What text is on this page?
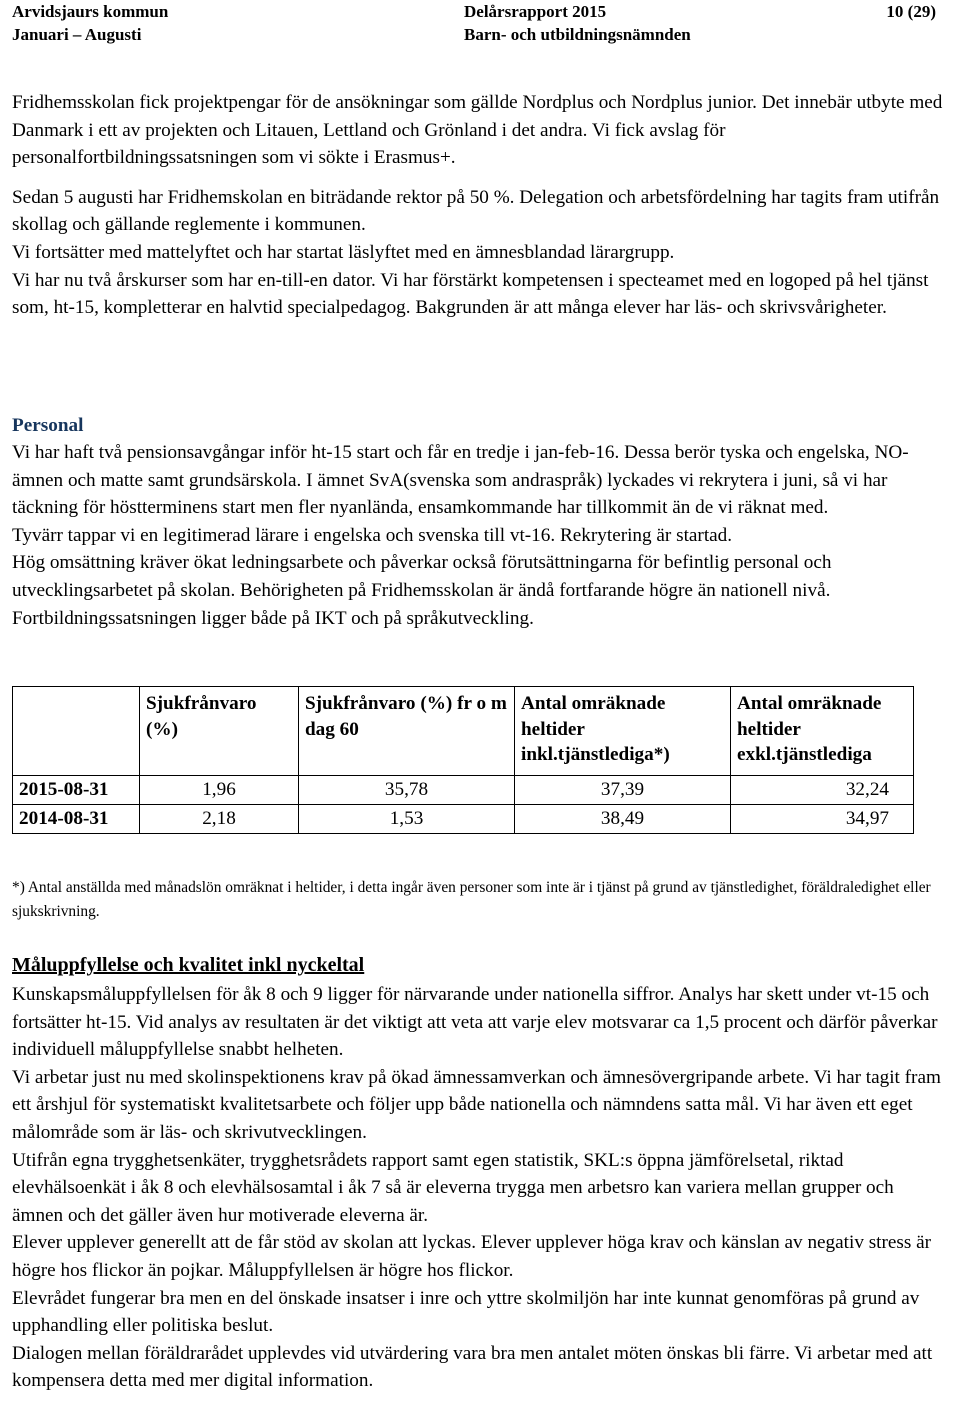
Arvidsjaurs kommun
Januari – Augusti
Delårsrapport 2015
Barn- och utbildningsnämnden
10 (29)

Fridhemsskolan fick projektpengar för de ansökningar som gällde Nordplus och Nordplus junior. Det innebär utbyte med Danmark i ett av projekten och Litauen, Lettland och Grönland i det andra. Vi fick avslag för personalfortbildningssatsningen som vi sökte i Erasmus+.

Sedan 5 augusti har Fridhemskolan en biträdande rektor på 50 %. Delegation och arbetsfördelning har tagits fram utifrån skollag och gällande reglemente i kommunen.

Vi fortsätter med mattelyftet och har startat läslyftet med en ämnesblandad lärargrupp.

Vi har nu två årskurser som har en-till-en dator. Vi har förstärkt kompetensen i specteamet med en logoped på hel tjänst som, ht-15, kompletterar en halvtid specialpedagog. Bakgrunden är att många elever har läs- och skrivsvårigheter.

Personal

Vi har haft två pensionsavgångar inför ht-15 start och får en tredje i jan-feb-16. Dessa berör tyska och engelska, NO-ämnen och matte samt grundsärskola. I ämnet SvA(svenska som andraspråk) lyckades vi rekrytera i juni, så vi har täckning för höstterminens start men fler nyanlända, ensamkommande har tillkommit än de vi räknat med.

Tyvärr tappar vi en legitimerad lärare i engelska och svenska till vt-16. Rekrytering är startad.

Hög omsättning kräver ökat ledningsarbete och påverkar också förutsättningarna för befintlig personal och utvecklingsarbetet på skolan. Behörigheten på Fridhemsskolan är ändå fortfarande högre än nationell nivå. Fortbildningssatsningen ligger både på IKT och på språkutveckling.

	Sjukfrånvaro (%)	Sjukfrånvaro (%) fr o m dag 60	Antal omräknade heltider inkl.tjänstlediga*)	Antal omräknade heltider exkl.tjänstlediga
2015-08-31	1,96	35,78	37,39	32,24
2014-08-31	2,18	1,53	38,49	34,97
*) Antal anställda med månadslön omräknat i heltider, i detta ingår även personer som inte är i tjänst på grund av tjänstledighet, föräldraledighet eller sjukskrivning.
Måluppfyllelse och kvalitet inkl nyckeltal

Kunskapsmåluppfyllelsen för åk 8 och 9 ligger för närvarande under nationella siffror. Analys har skett under vt-15 och fortsätter ht-15. Vid analys av resultaten är det viktigt att veta att varje elev motsvarar ca 1,5 procent och därför påverkar individuell måluppfyllelse snabbt helheten.

Vi arbetar just nu med skolinspektionens krav på ökad ämnessamverkan och ämnesövergripande arbete. Vi har tagit fram ett årshjul för systematiskt kvalitetsarbete och följer upp både nationella och nämndens satta mål. Vi har även ett eget målområde som är läs- och skrivutvecklingen.

Utifrån egna trygghetsenkäter, trygghetsrådets rapport samt egen statistik, SKL:s öppna jämförelsetal, riktad elevhälsoenkät i åk 8 och elevhälsosamtal i åk 7 så är eleverna trygga men arbetsro kan variera mellan grupper och ämnen och det gäller även hur motiverade eleverna är.

Elever upplever generellt att de får stöd av skolan att lyckas. Elever upplever höga krav och känslan av negativ stress är högre hos flickor än pojkar. Måluppfyllelsen är högre hos flickor.

Elevrådet fungerar bra men en del önskade insatser i inre och yttre skolmiljön har inte kunnat genomföras på grund av upphandling eller politiska beslut.

Dialogen mellan föräldrarådet upplevdes vid utvärdering vara bra men antalet möten önskas bli färre. Vi arbetar med att kompensera detta med mer digital information.
